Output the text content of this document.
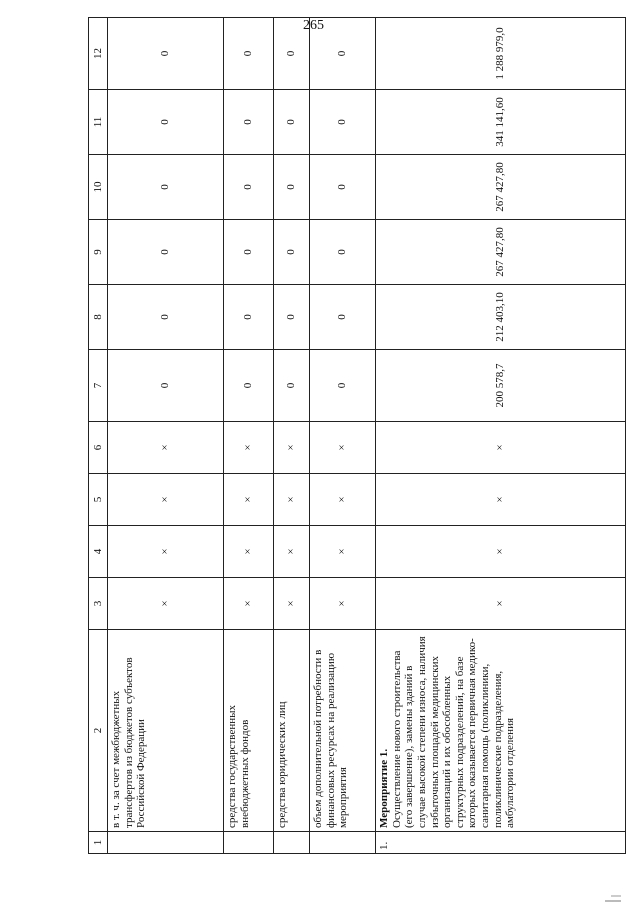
265
1	2	3	4	5	6	7	8	9	10	11	12
	в т. ч. за счет межбюджетных трансфертов из бюджетов субъектов Российской Федерации	×	×	×	×	0	0	0	0	0	0
	средства государственных внебюджетных фондов	×	×	×	×	0	0	0	0	0	0
	средства юридических лиц	×	×	×	×	0	0	0	0	0	0
	объем дополнительной потребности в финансовых ресурсах на реализацию мероприятия	×	×	×	×	0	0	0	0	0	0
1.	Мероприятие 1. Осуществление нового строительства (его завершение), замены зданий в случае высокой степени износа, наличия избыточных площадей медицинских организаций и их обособленных структурных подразделений, на базе которых оказывается первичная медико-санитарная помощь (поликлиники, поликлинические подразделения, амбулатории отделения	×	×	×	×	200 578,7	212 403,10	267 427,80	267 427,80	341 141,60	1 288 979,0
